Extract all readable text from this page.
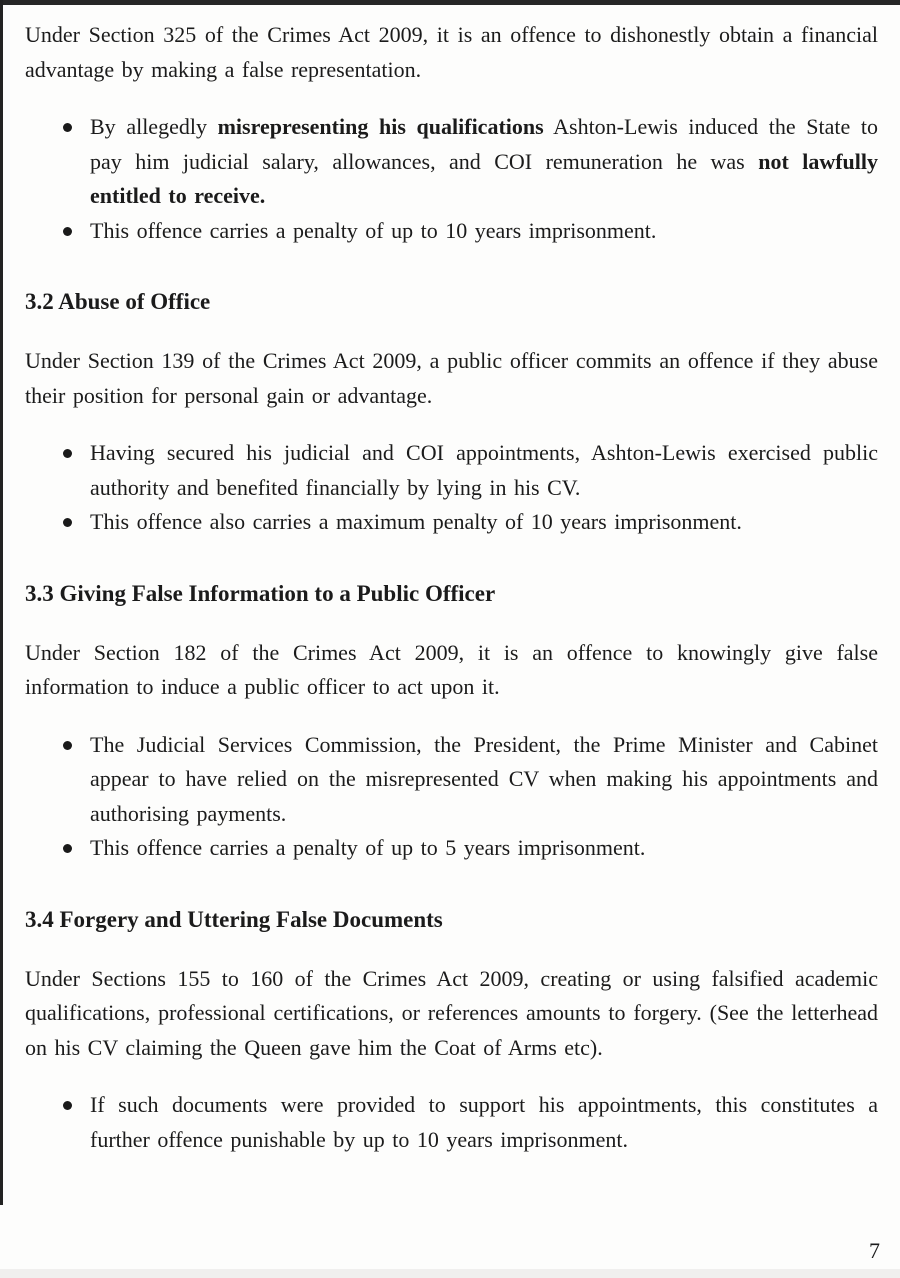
Under Section 325 of the Crimes Act 2009, it is an offence to dishonestly obtain a financial advantage by making a false representation.

By allegedly misrepresenting his qualifications Ashton-Lewis induced the State to pay him judicial salary, allowances, and COI remuneration he was not lawfully entitled to receive.
This offence carries a penalty of up to 10 years imprisonment.
3.2 Abuse of Office

Under Section 139 of the Crimes Act 2009, a public officer commits an offence if they abuse their position for personal gain or advantage.

Having secured his judicial and COI appointments, Ashton-Lewis exercised public authority and benefited financially by lying in his CV.
This offence also carries a maximum penalty of 10 years imprisonment.
3.3 Giving False Information to a Public Officer

Under Section 182 of the Crimes Act 2009, it is an offence to knowingly give false information to induce a public officer to act upon it.

The Judicial Services Commission, the President, the Prime Minister and Cabinet appear to have relied on the misrepresented CV when making his appointments and authorising payments.
This offence carries a penalty of up to 5 years imprisonment.
3.4 Forgery and Uttering False Documents

Under Sections 155 to 160 of the Crimes Act 2009, creating or using falsified academic qualifications, professional certifications, or references amounts to forgery. (See the letterhead on his CV claiming the Queen gave him the Coat of Arms etc).

If such documents were provided to support his appointments, this constitutes a further offence punishable by up to 10 years imprisonment.
7
